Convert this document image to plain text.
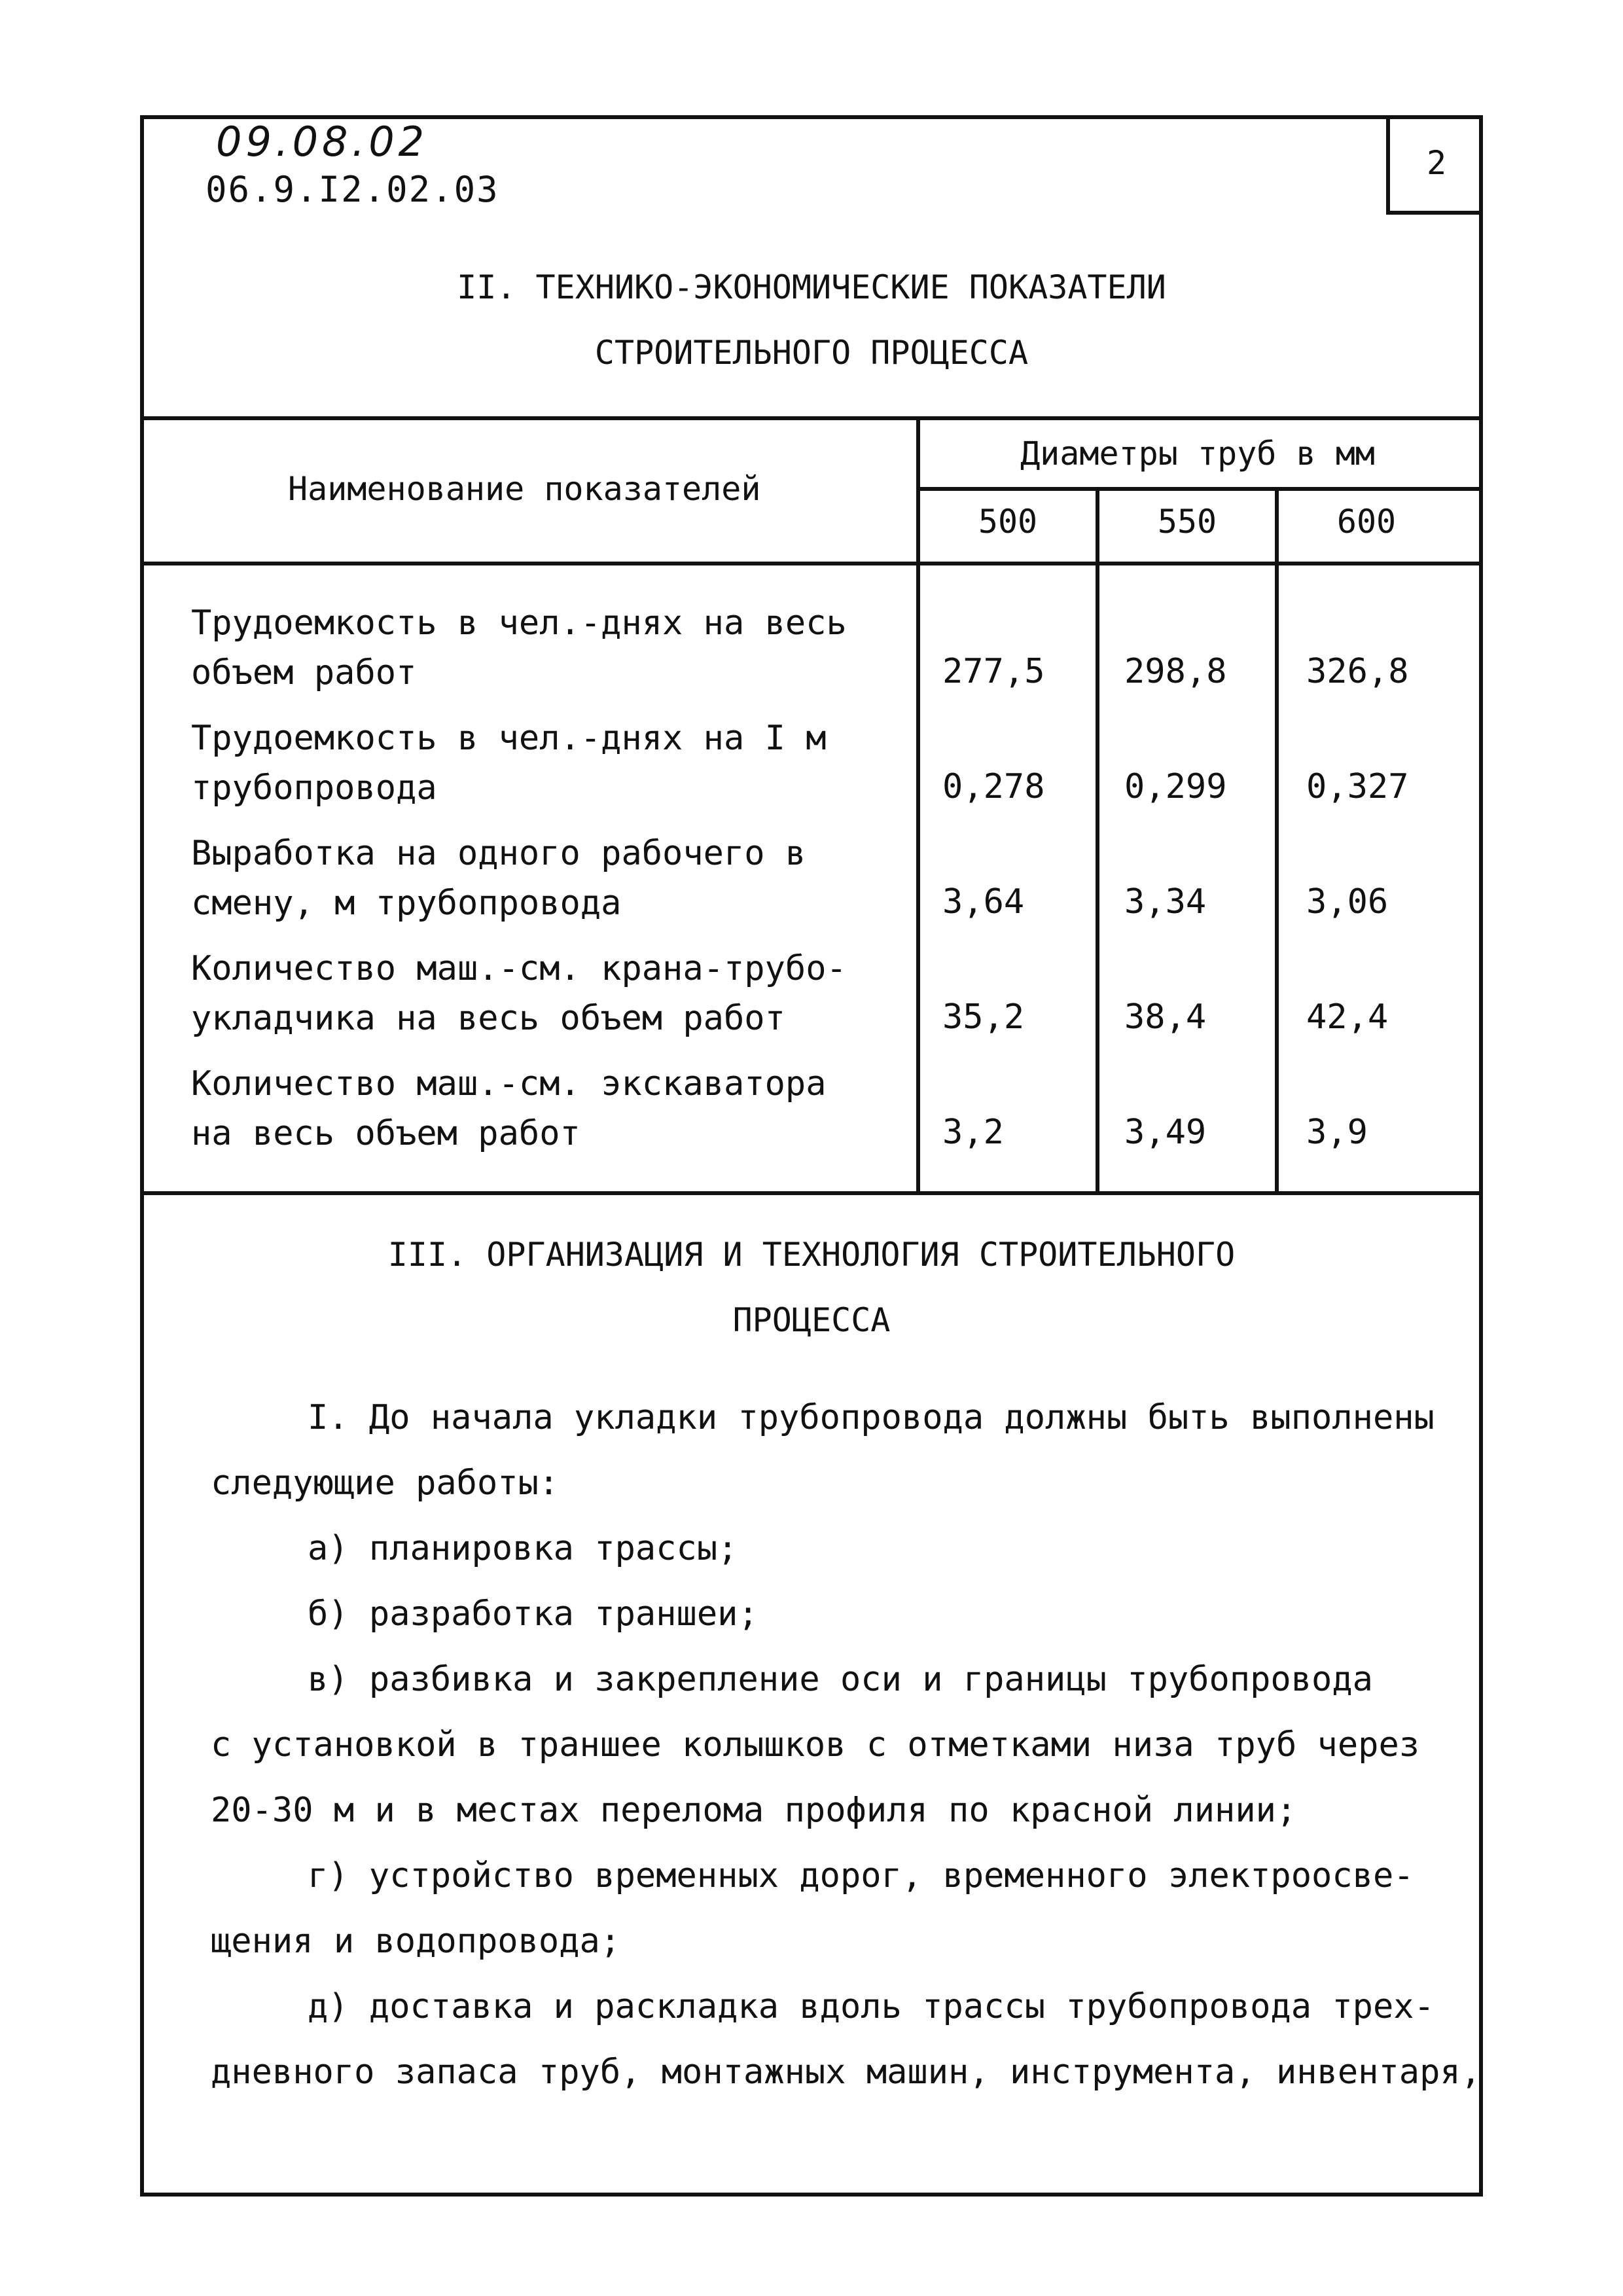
2
09.08.02
06.9.I2.02.03
II. ТЕХНИКО-ЭКОНОМИЧЕСКИЕ ПОКАЗАТЕЛИ
СТРОИТЕЛЬНОГО ПРОЦЕССА
Наименование показателей
Диаметры труб в мм
500	550	600
Трудоемкость в чел.-днях на весь
объем работ	277,5 298,8 326,8
Трудоемкость в чел.-днях на I м
трубопровода	0,278 0,299 0,327
Выработка на одного рабочего в
смену, м трубопровода	3,64	3,34	3,06
Количество маш.-см. крана-трубо-
укладчика на весь объем работ	35,2	38,4	42,4
Количество маш.-см. экскаватора
на весь объем работ	3,2	3,49	3,9
III. ОРГАНИЗАЦИЯ И ТЕХНОЛОГИЯ СТРОИТЕЛЬНОГО
ПРОЦЕССА
I. До начала укладки трубопровода должны быть выполнены
следующие работы:
а) планировка трассы;
б) разработка траншеи;
в) разбивка и закрепление оси и границы трубопровода
с установкой в траншее колышков с отметками низа труб через
20-30 м и в местах перелома профиля по красной линии;
г) устройство временных дорог, временного электроосве-
щения и водопровода;
д) доставка и раскладка вдоль трассы трубопровода трех-
дневного запаса труб, монтажных машин, инструмента, инвентаря,
